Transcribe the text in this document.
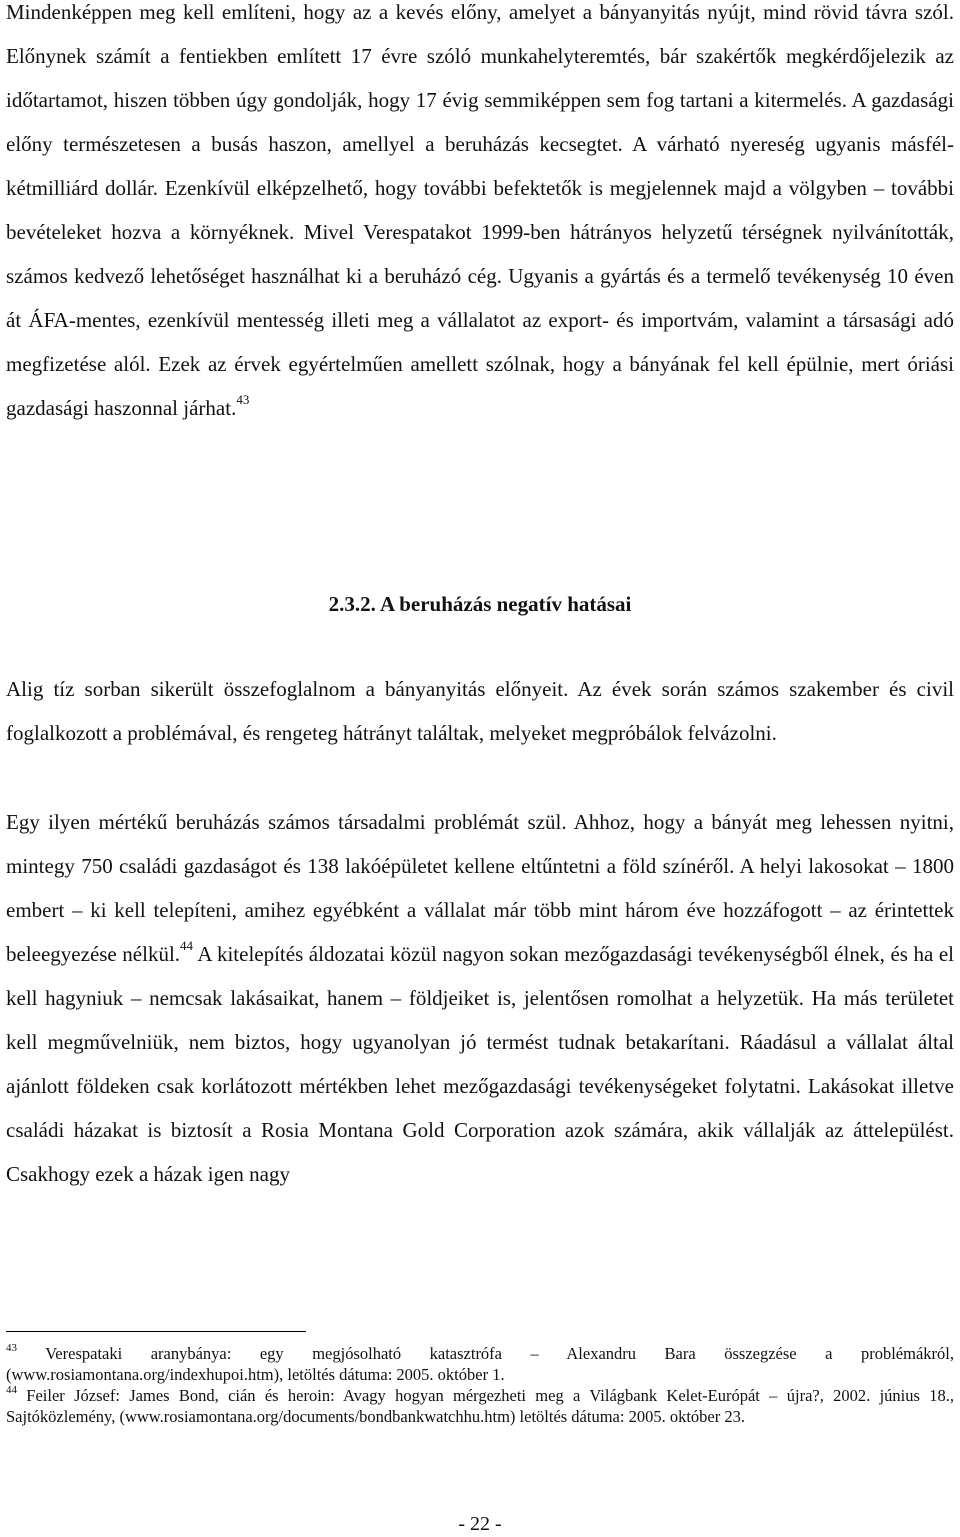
Mindenképpen meg kell említeni, hogy az a kevés előny, amelyet a bányanyitás nyújt, mind rövid távra szól. Előnynek számít a fentiekben említett 17 évre szóló munkahelyteremtés, bár szakértők megkérdőjelezik az időtartamot, hiszen többen úgy gondolják, hogy 17 évig semmiképpen sem fog tartani a kitermelés. A gazdasági előny természetesen a busás haszon, amellyel a beruházás kecsegtet. A várható nyereség ugyanis másfél-kétmilliárd dollár. Ezenkívül elképzelhető, hogy további befektetők is megjelennek majd a völgyben – további bevételeket hozva a környéknek. Mivel Verespatakot 1999-ben hátrányos helyzetű térségnek nyilvánították, számos kedvező lehetőséget használhat ki a beruházó cég. Ugyanis a gyártás és a termelő tevékenység 10 éven át ÁFA-mentes, ezenkívül mentesség illeti meg a vállalatot az export- és importvám, valamint a társasági adó megfizetése alól. Ezek az érvek egyértelműen amellett szólnak, hogy a bányának fel kell épülnie, mert óriási gazdasági haszonnal járhat.$^{43}$

2.3.2. A beruházás negatív hatásai

Alig tíz sorban sikerült összefoglalnom a bányanyitás előnyeit. Az évek során számos szakember és civil foglalkozott a problémával, és rengeteg hátrányt találtak, melyeket megpróbálok felvázolni.

Egy ilyen mértékű beruházás számos társadalmi problémát szül. Ahhoz, hogy a bányát meg lehessen nyitni, mintegy 750 családi gazdaságot és 138 lakóépületet kellene eltűntetni a föld színéről. A helyi lakosokat – 1800 embert – ki kell telepíteni, amihez egyébként a vállalat már több mint három éve hozzáfogott – az érintettek beleegyezése nélkül.$^{44}$ A kitelepítés áldozatai közül nagyon sokan mezőgazdasági tevékenységből élnek, és ha el kell hagyniuk – nemcsak lakásaikat, hanem – földjeiket is, jelentősen romolhat a helyzetük. Ha más területet kell megművelniük, nem biztos, hogy ugyanolyan jó termést tudnak betakarítani. Ráadásul a vállalat által ajánlott földeken csak korlátozott mértékben lehet mezőgazdasági tevékenységeket folytatni. Lakásokat illetve családi házakat is biztosít a Rosia Montana Gold Corporation azok számára, akik vállalják az áttelepülést. Csakhogy ezek a házak igen nagy

$^{43}$ Verespataki aranybánya: egy megjósolható katasztrófa – Alexandru Bara összegzése a problémákról, (www.rosiamontana.org/indexhupoi.htm), letöltés dátuma: 2005. október 1.

$^{44}$ Feiler József: James Bond, cián és heroin: Avagy hogyan mérgezheti meg a Világbank Kelet-Európát – újra?, 2002. június 18., Sajtóközlemény, (www.rosiamontana.org/documents/bondbankwatchhu.htm) letöltés dátuma: 2005. október 23.

- 22 -
